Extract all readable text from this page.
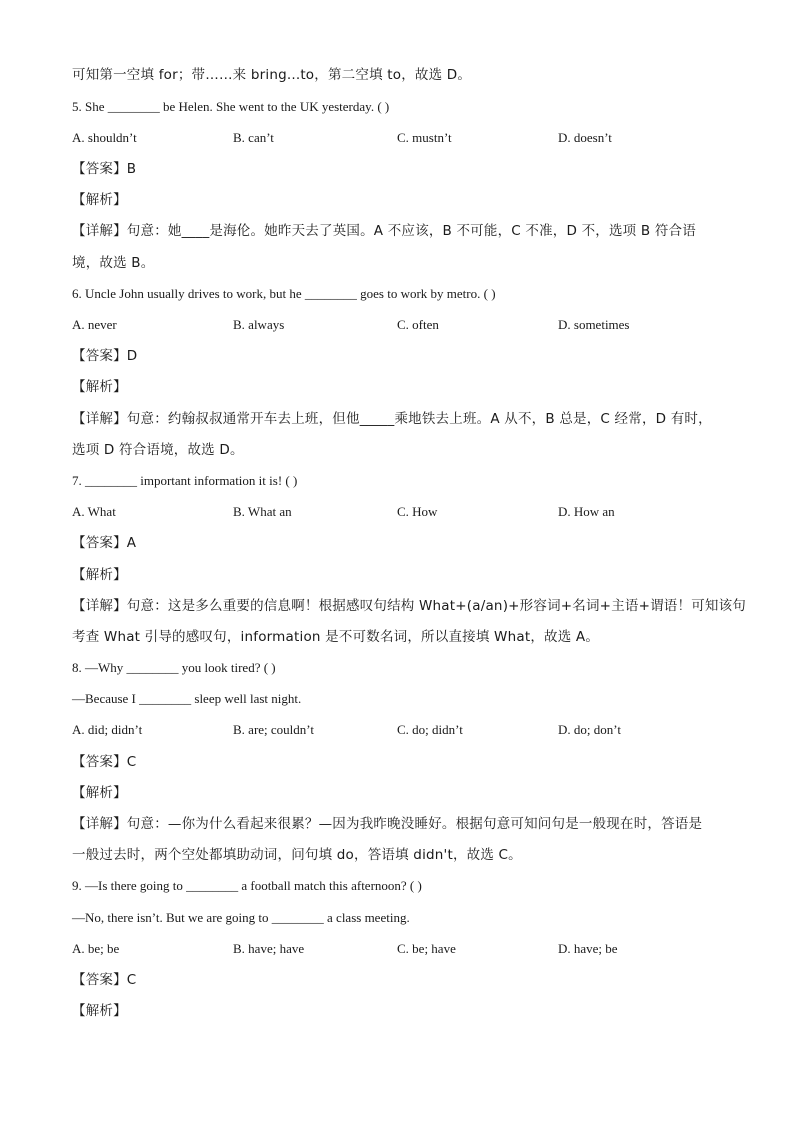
可知第一空填 for；带……来 bring...to，第二空填 to，故选 D。
5. She ________ be Helen. She went to the UK yesterday. ( )
A. shouldn’t	B. can’t	C. mustn’t	D. doesn’t
【答案】B
【解析】
【详解】句意：她____是海伦。她昨天去了英国。A 不应该，B 不可能，C 不准，D 不，选项 B 符合语
境，故选 B。
6. Uncle John usually drives to work, but he ________ goes to work by metro. ( )
A. never	B. always	C. often	D. sometimes
【答案】D
【解析】
【详解】句意：约翰叔叔通常开车去上班，但他_____乘地铁去上班。A 从不，B 总是，C 经常，D 有时，
选项 D 符合语境，故选 D。
7. ________ important information it is! ( )
A. What	B. What an	C. How	D. How an
【答案】A
【解析】
【详解】句意：这是多么重要的信息啊！根据感叹句结构 What+(a/an)+形容词+名词+主语+谓语！可知该句
考查 What 引导的感叹句，information 是不可数名词，所以直接填 What，故选 A。
8. —Why ________ you look tired? ( )
—Because I ________ sleep well last night.
A. did; didn’t	B. are; couldn’t	C. do; didn’t	D. do; don’t
【答案】C
【解析】
【详解】句意：—你为什么看起来很累？—因为我昨晚没睡好。根据句意可知问句是一般现在时，答语是
一般过去时，两个空处都填助动词，问句填 do，答语填 didn't，故选 C。
9. —Is there going to ________ a football match this afternoon? ( )
—No, there isn’t. But we are going to ________ a class meeting.
A. be; be	B. have; have	C. be; have	D. have; be
【答案】C
【解析】
